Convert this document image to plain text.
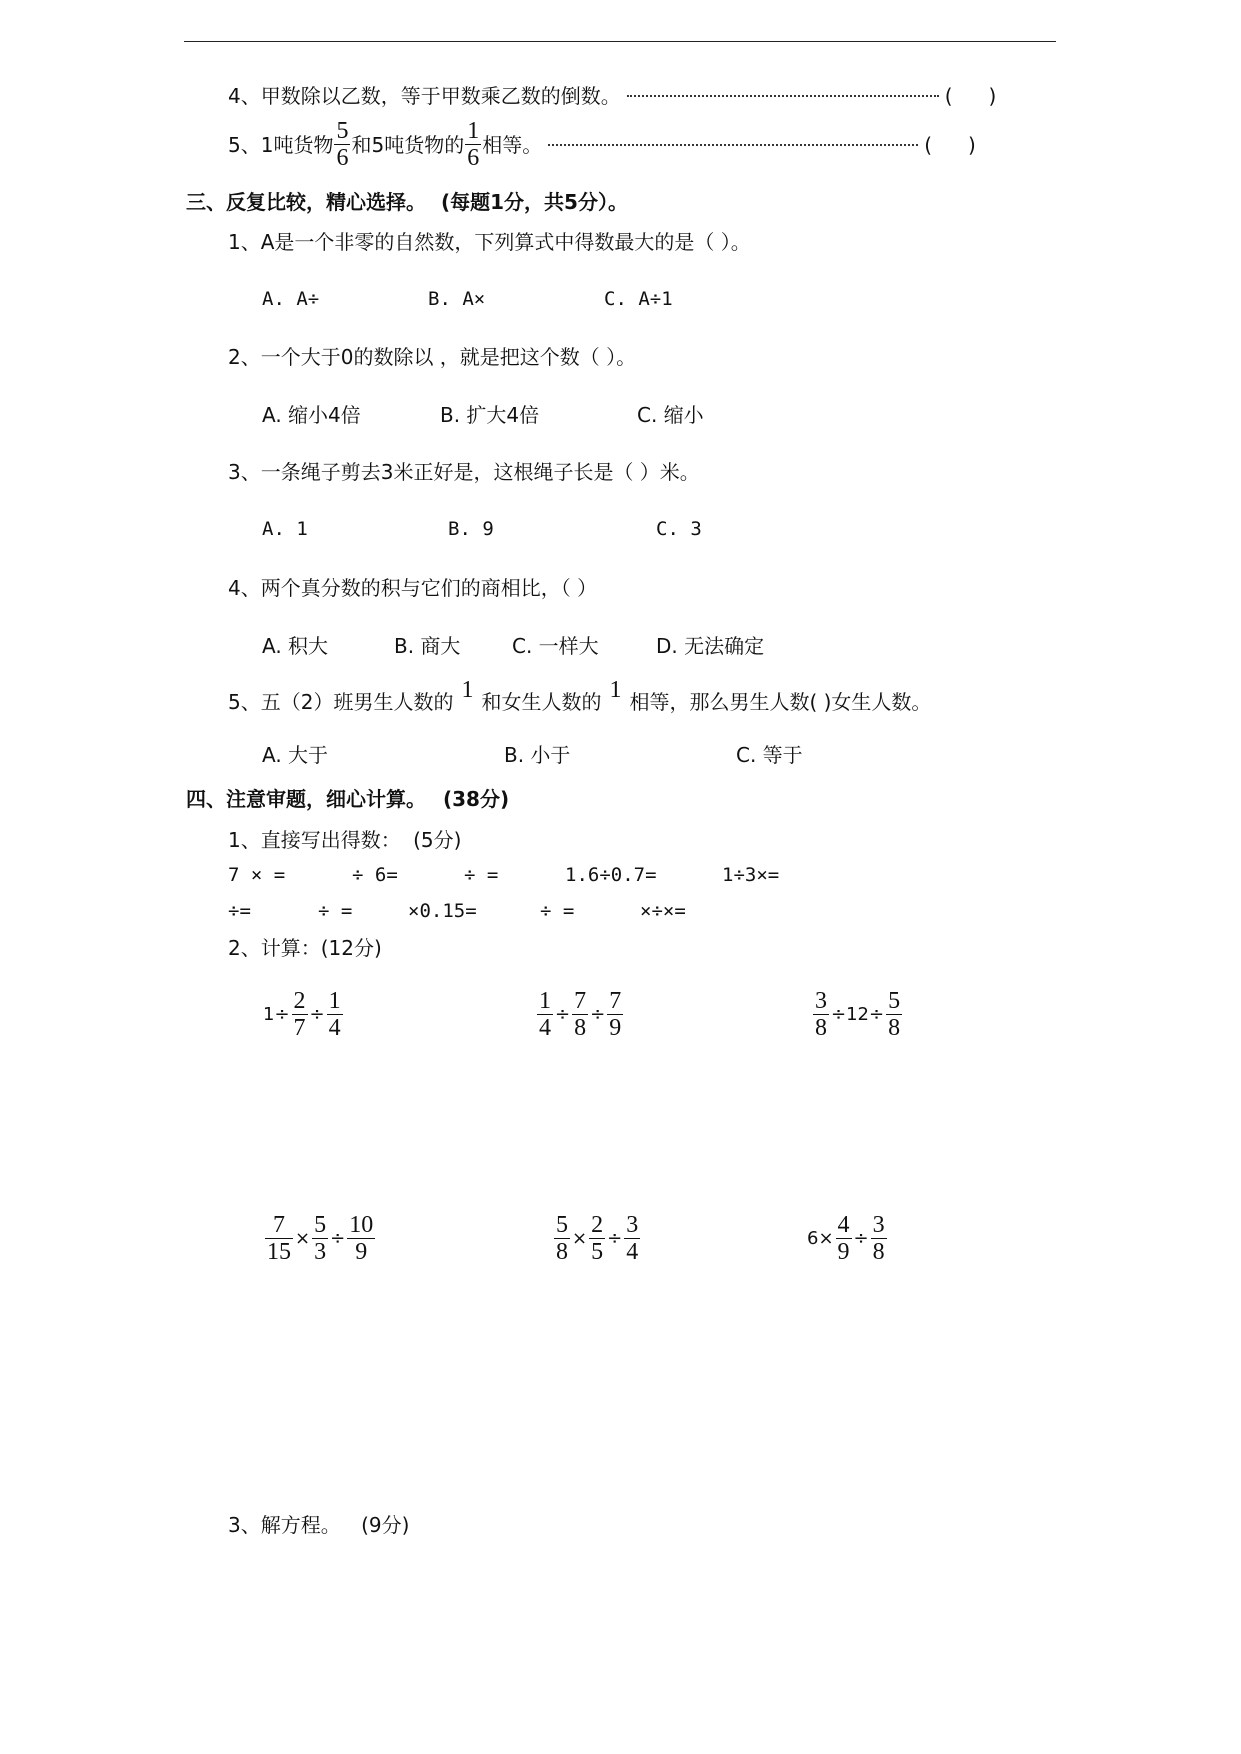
4、 甲数除以乙数，等于甲数乘乙数的倒数。	( )
5、 1吨货物 $\frac{5}{6}$ 和5吨货物的 $\frac{1}{6}$ 相等。	( )
三、反复比较，精心选择。 (每题1分，共5分）。
1、A是一个非零的自然数，下列算式中得数最大的是（ ）。
A. A÷	B. A×	C. A÷1
2、一个大于0的数除以 ，就是把这个数（ ）。
A. 缩小4倍	B. 扩大4倍	C. 缩小
3、一条绳子剪去3米正好是，这根绳子长是（ ）米。
A. 1	B. 9	C. 3
4、两个真分数的积与它们的商相比，（ ）
A. 积大	B. 商大	C. 一样大	D. 无法确定
5、五（2）班男生人数的 1 和女生人数的 1 相等，那么男生人数( )女生人数。
A. 大于	B. 小于	C. 等于
四、注意审题，细心计算。 (38分)
1、直接写出得数： (5分)
7 × =	÷ 6=	÷ =	1.6÷0.7=	1÷3×=
÷=	÷ =	×0.15=	÷ =	×÷×=
2、计算：(12分)
$1\div \frac{2}{7} \div \frac{1}{4}$	$\frac{1}{4} \div \frac{7}{8} \div \frac{7}{9}$	$\frac{3}{8} \div 12\div \frac{5}{8}$
$\frac{7}{15} \times \frac{5}{3} \div \frac{10}{9}$	$\frac{5}{8} \times \frac{2}{5} \div \frac{3}{4}$	$6\times \frac{4}{9} \div \frac{3}{8}$
3、解方程。 (9分)
